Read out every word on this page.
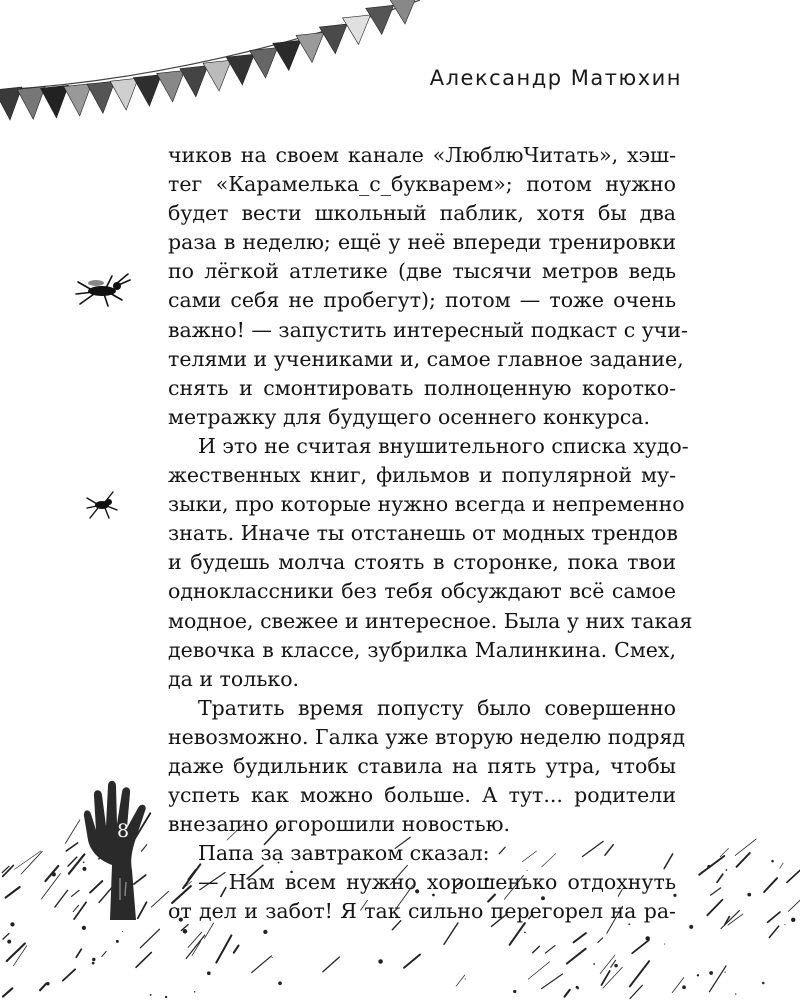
Александр Матюхин
8
чиков на своем канале «ЛюблюЧитать», хэш-
тег «Карамелька_с_букварем»; потом нужно
будет вести школьный паблик, хотя бы два
раза в неделю; ещё у неё впереди тренировки
по лёгкой атлетике (две тысячи метров ведь
сами себя не пробегут); потом — тоже очень
важно! — запустить интересный подкаст с учи-
телями и учениками и, самое главное задание,
снять и смонтировать полноценную коротко-
метражку для будущего осеннего конкурса.
И это не считая внушительного списка худо-
жественных книг, фильмов и популярной му-
зыки, про которые нужно всегда и непременно
знать. Иначе ты отстанешь от модных трендов
и будешь молча стоять в сторонке, пока твои
одноклассники без тебя обсуждают всё самое
модное, свежее и интересное. Была у них такая
девочка в классе, зубрилка Малинкина. Смех,
да и только.
Тратить время попусту было совершенно
невозможно. Галка уже вторую неделю подряд
даже будильник ставила на пять утра, чтобы
успеть как можно больше. А тут... родители
внезапно огорошили новостью.
Папа за завтраком сказал:
— Нам всем нужно хорошенько отдохнуть
от дел и забот! Я так сильно перегорел на ра-
